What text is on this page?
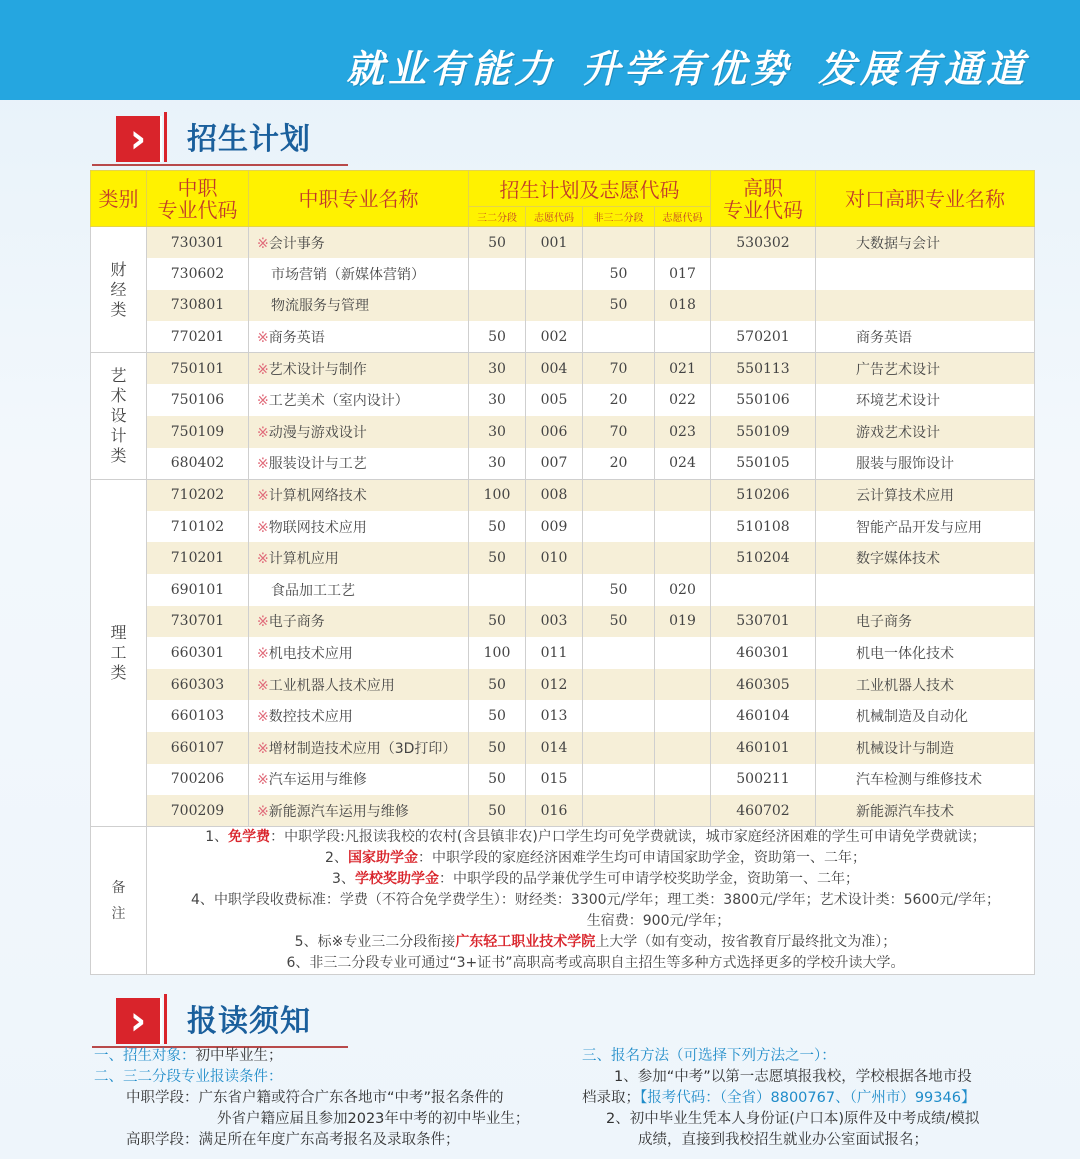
就业有能力 升学有优势 发展有通道
›	招生计划
类别	中职
专业代码	中职专业名称	招生计划及志愿代码	高职
专业代码	对口高职专业名称
			三二分段	志愿代码	非三二分段	志愿代码		

财
经
类	730301	※会计事务	50	001			530302	大数据与会计
	730602	市场营销（新媒体营销）			50	017		
	730801	物流服务与管理			50	018		
	770201	※商务英语	50	002			570201	商务英语

艺
术
设
计
类	750101	※艺术设计与制作	30	004	70	021	550113	广告艺术设计
	750106	※工艺美术（室内设计）	30	005	20	022	550106	环境艺术设计
	750109	※动漫与游戏设计	30	006	70	023	550109	游戏艺术设计
	680402	※服装设计与工艺	30	007	20	024	550105	服装与服饰设计

理
工
类	710202	※计算机网络技术	100	008			510206	云计算技术应用
	710102	※物联网技术应用	50	009			510108	智能产品开发与应用
	710201	※计算机应用	50	010			510204	数字媒体技术
	690101	食品加工工艺			50	020		
	730701	※电子商务	50	003	50	019	530701	电子商务
	660301	※机电技术应用	100	011			460301	机电一体化技术
	660303	※工业机器人技术应用	50	012			460305	工业机器人技术
	660103	※数控技术应用	50	013			460104	机械制造及自动化
	660107	※增材制造技术应用（3D打印）	50	014			460101	机械设计与制造
	700206	※汽车运用与维修	50	015			500211	汽车检测与维修技术
	700209	※新能源汽车运用与维修	50	016			460702	新能源汽车技术

备
注

1、免学费：中职学段:凡报读我校的农村(含县镇非农)户口学生均可免学费就读，城市家庭经济困难的学生可申请免学费就读；
2、国家助学金：中职学段的家庭经济困难学生均可申请国家助学金，资助第一、二年；
3、学校奖助学金：中职学段的品学兼优学生可申请学校奖助学金，资助第一、二年；
4、中职学段收费标准：学费（不符合免学费学生）：财经类：3300元/学年；理工类：3800元/学年；艺术设计类：5600元/学年；
生宿费：900元/学年；
5、标※专业三二分段衔接广东轻工职业技术学院上大学（如有变动，按省教育厅最终批文为准）；
6、非三二分段专业可通过“3+证书”高职高考或高职自主招生等多种方式选择更多的学校升读大学。
›	报读须知
一、招生对象：初中毕业生；
二、三二分段专业报读条件：
中职学段：广东省户籍或符合广东各地市“中考”报名条件的
外省户籍应届且参加2023年中考的初中毕业生；
高职学段：满足所在年度广东高考报名及录取条件；
三、报名方法（可选择下列方法之一）：
1、参加“中考”以第一志愿填报我校，学校根据各地市投
档录取；【报考代码：（全省）8800767、（广州市）99346】
2、初中毕业生凭本人身份证(户口本)原件及中考成绩/模拟
成绩，直接到我校招生就业办公室面试报名；
